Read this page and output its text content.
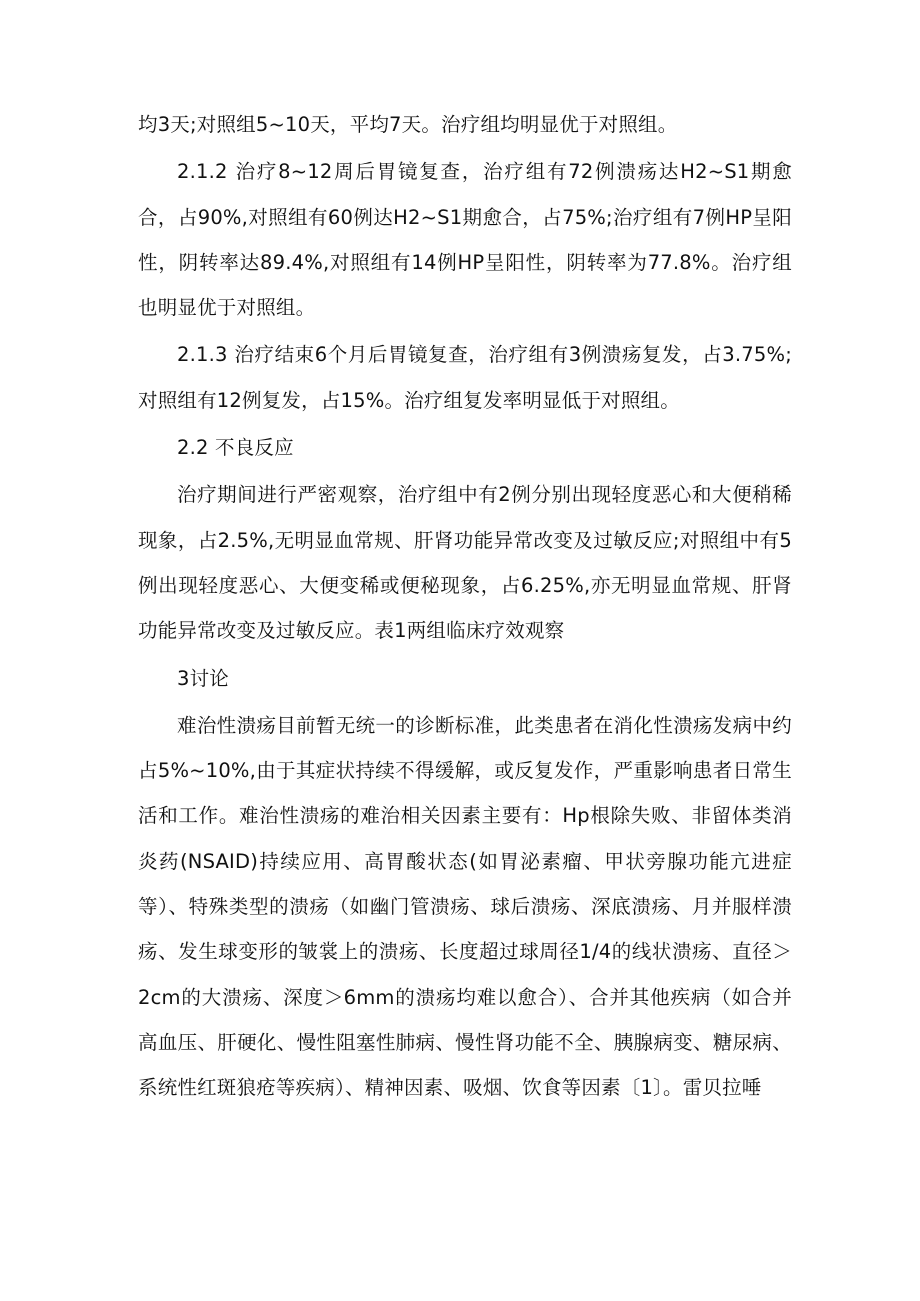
均3天;对照组5~10天，平均7天。治疗组均明显优于对照组。

2.1.2 治疗8~12周后胃镜复查，治疗组有72例溃疡达H2~S1期愈合，占90%,对照组有60例达H2~S1期愈合，占75%;治疗组有7例HP呈阳性，阴转率达89.4%,对照组有14例HP呈阳性，阴转率为77.8%。治疗组也明显优于对照组。

2.1.3 治疗结束6个月后胃镜复查，治疗组有3例溃疡复发，占3.75%;对照组有12例复发，占15%。治疗组复发率明显低于对照组。

2.2 不良反应

治疗期间进行严密观察，治疗组中有2例分别出现轻度恶心和大便稍稀现象，占2.5%,无明显血常规、肝肾功能异常改变及过敏反应;对照组中有5例出现轻度恶心、大便变稀或便秘现象，占6.25%,亦无明显血常规、肝肾功能异常改变及过敏反应。表1两组临床疗效观察

3讨论

难治性溃疡目前暂无统一的诊断标准，此类患者在消化性溃疡发病中约占5%~10%,由于其症状持续不得缓解，或反复发作，严重影响患者日常生活和工作。难治性溃疡的难治相关因素主要有：Hp根除失败、非留体类消炎药(NSAID)持续应用、高胃酸状态(如胃泌素瘤、甲状旁腺功能亢进症等）、特殊类型的溃疡（如幽门管溃疡、球后溃疡、深底溃疡、月并服样溃疡、发生球变形的皱裳上的溃疡、长度超过球周径1/4的线状溃疡、直径＞2cm的大溃疡、深度＞6mm的溃疡均难以愈合）、合并其他疾病（如合并高血压、肝硬化、慢性阻塞性肺病、慢性肾功能不全、胰腺病变、糖尿病、系统性红斑狼疮等疾病）、精神因素、吸烟、饮食等因素〔1〕。雷贝拉唾
